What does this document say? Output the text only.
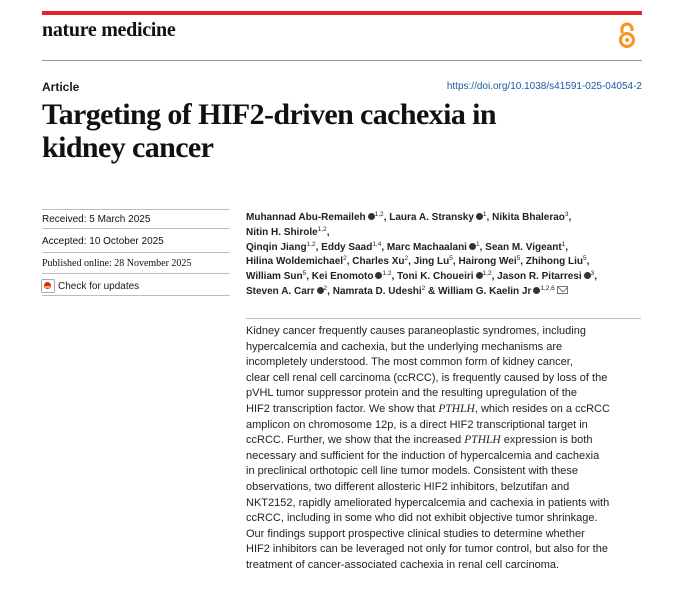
nature medicine
Article	https://doi.org/10.1038/s41591-025-04054-2
Targeting of HIF2-driven cachexia in
kidney cancer
Received: 5 March 2025
Accepted: 10 October 2025
Published online: 28 November 2025
Check for updates
Muhannad Abu-Remaileh $^{1,2}$, Laura A. Stransky $^1$, Nikita Bhalerao$^3$, Nitin H. Shirole$^{1,2}$,
Qinqin Jiang$^{1,2}$, Eddy Saad$^{1,4}$, Marc Machaalani $^1$, Sean M. Vigeant$^1$,
Hilina Woldemichael$^2$, Charles Xu$^2$, Jing Lu$^5$, Hairong Wei$^5$, Zhihong Liu$^5$,
William Sun$^5$, Kei Enomoto $^{1,2}$, Toni K. Choueiri $^{1,2}$, Jason R. Pitarresi $^3$,
Steven A. Carr $^2$, Namrata D. Udeshi$^2$ & William G. Kaelin Jr $^{1,2,6}$
Kidney cancer frequently causes paraneoplastic syndromes, including
hypercalcemia and cachexia, but the underlying mechanisms are
incompletely understood. The most common form of kidney cancer,
clear cell renal cell carcinoma (ccRCC), is frequently caused by loss of the
pVHL tumor suppressor protein and the resulting upregulation of the
HIF2 transcription factor. We show that PTHLH, which resides on a ccRCC
amplicon on chromosome 12p, is a direct HIF2 transcriptional target in
ccRCC. Further, we show that the increased PTHLH expression is both
necessary and sufficient for the induction of hypercalcemia and cachexia
in preclinical orthotopic cell line tumor models. Consistent with these
observations, two different allosteric HIF2 inhibitors, belzutifan and
NKT2152, rapidly ameliorated hypercalcemia and cachexia in patients with
ccRCC, including in some who did not exhibit objective tumor shrinkage.
Our findings support prospective clinical studies to determine whether
HIF2 inhibitors can be leveraged not only for tumor control, but also for the
treatment of cancer-associated cachexia in renal cell carcinoma.
